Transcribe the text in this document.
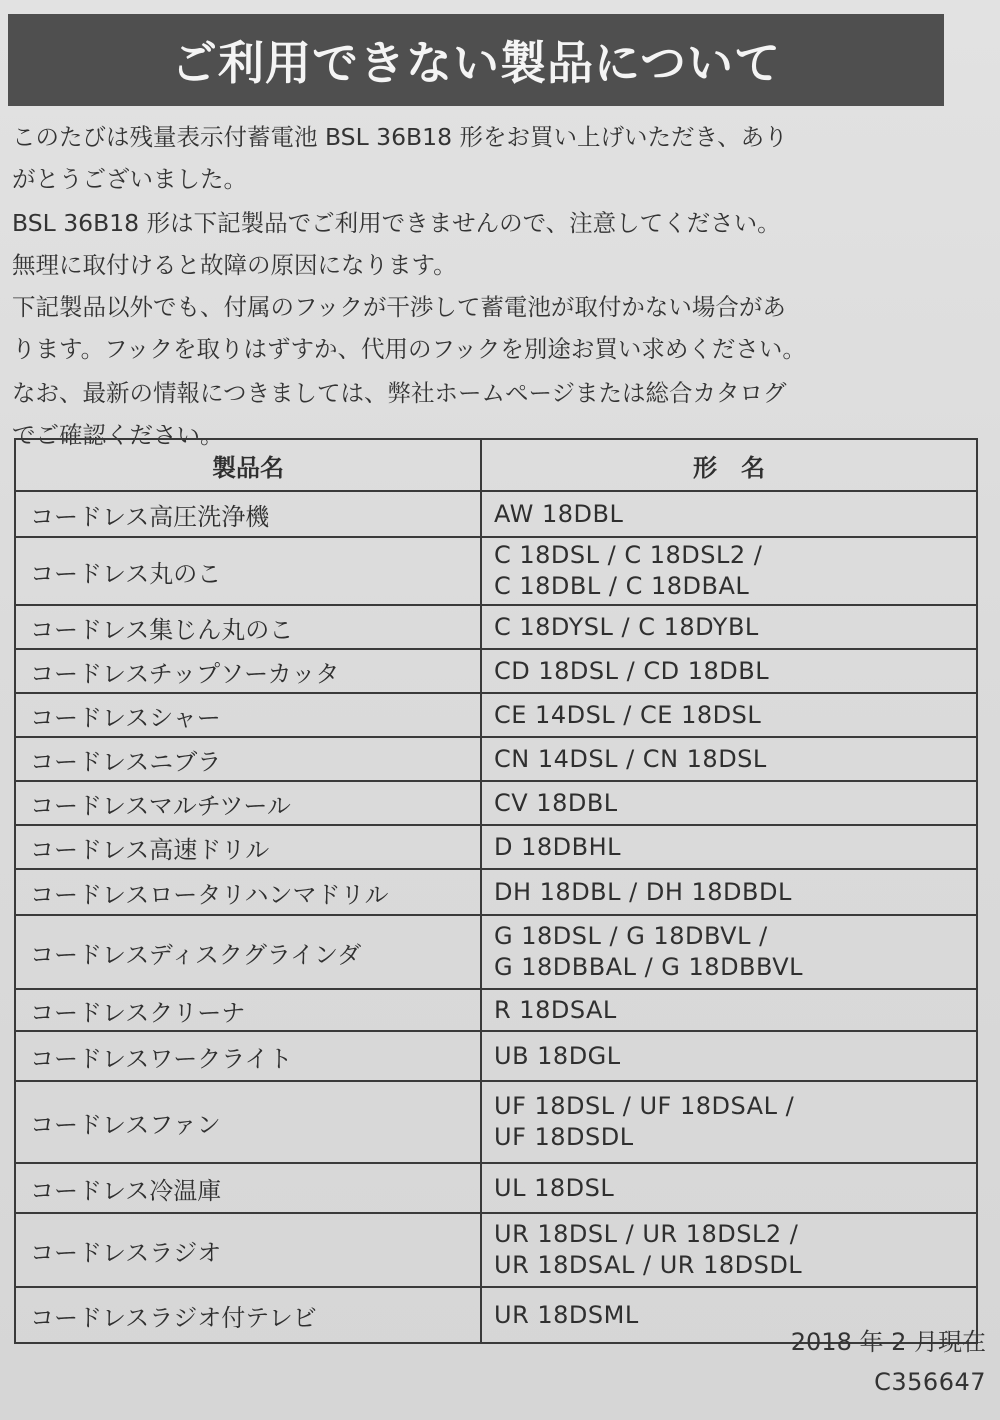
ご利用できない製品について

このたびは残量表示付蓄電池 BSL 36B18 形をお買い上げいただき、あり

がとうございました。

BSL 36B18 形は下記製品でご利用できませんので、注意してください。

無理に取付けると故障の原因になります。

下記製品以外でも、付属のフックが干渉して蓄電池が取付かない場合があ

ります。フックを取りはずすか、代用のフックを別途お買い求めください。

なお、最新の情報につきましては、弊社ホームページまたは総合カタログ

でご確認ください。

製品名	形　名
コードレス高圧洗浄機	AW 18DBL

コードレス丸のこ	C 18DSL / C 18DSL2 /
C 18DBL / C 18DBAL

コードレス集じん丸のこ	C 18DYSL / C 18DYBL

コードレスチップソーカッタ	CD 18DSL / CD 18DBL

コードレスシャー	CE 14DSL / CE 18DSL

コードレスニブラ	CN 14DSL / CN 18DSL

コードレスマルチツール	CV 18DBL

コードレス高速ドリル	D 18DBHL

コードレスロータリハンマドリル	DH 18DBL / DH 18DBDL

コードレスディスクグラインダ	G 18DSL / G 18DBVL /
G 18DBBAL / G 18DBBVL

コードレスクリーナ	R 18DSAL

コードレスワークライト	UB 18DGL

コードレスファン	UF 18DSL / UF 18DSAL /
UF 18DSDL

コードレス冷温庫	UL 18DSL

コードレスラジオ	UR 18DSL / UR 18DSL2 /
UR 18DSAL / UR 18DSDL

コードレスラジオ付テレビ	UR 18DSML
2018 年 2 月現在
C356647
